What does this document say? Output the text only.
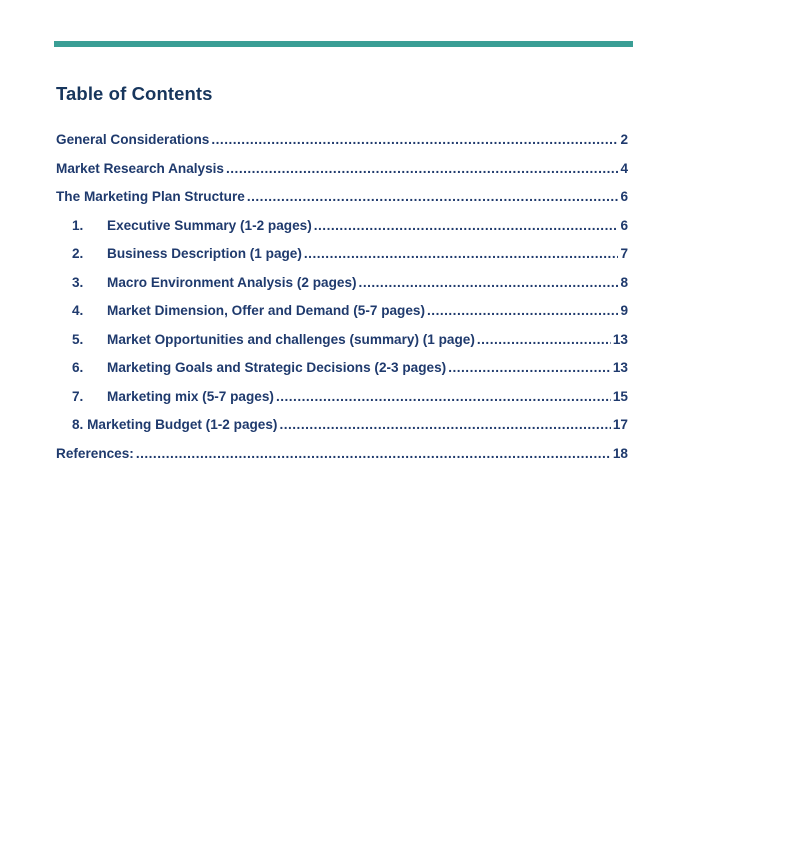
Table of Contents
General Considerations .....	2
Market Research Analysis .....	4
The Marketing Plan Structure .....	6
1.	Executive Summary (1-2 pages) .....	6
2.	Business Description (1 page) .....	7
3.	Macro Environment Analysis (2 pages) .....	8
4.	Market Dimension, Offer and Demand (5-7 pages) .....	9
5.	Market Opportunities and challenges (summary) (1 page) .....	13
6.	Marketing Goals and Strategic Decisions (2-3 pages) .....	13
7.	Marketing mix (5-7 pages) .....	15
8. Marketing Budget (1-2 pages) .....	17
References: .....	18
